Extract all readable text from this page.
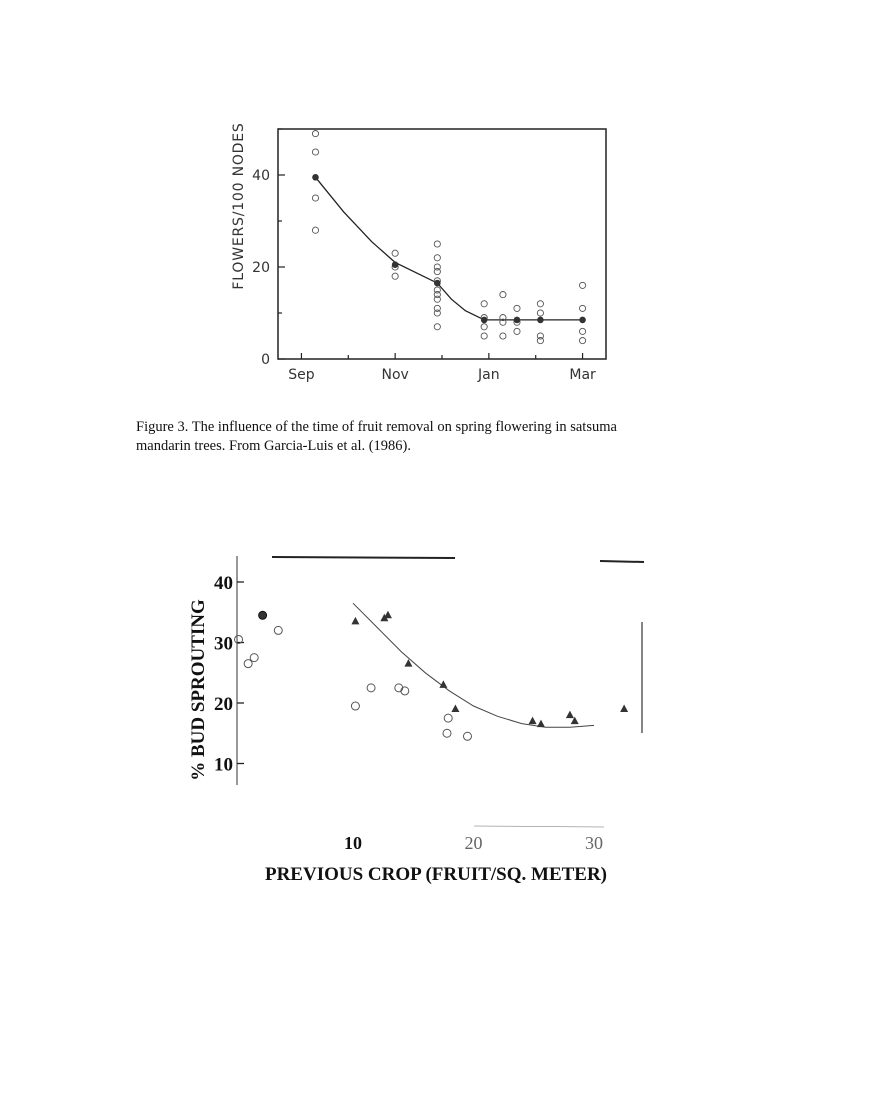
0
20
40
Sep	Nov	Jan	Mar
FLOWERS/100 NODES
Figure 3. The influence of the time of fruit removal on spring flowering in satsuma
mandarin trees. From Garcia-Luis et al. (1986).
10
20
30
40
10	20	30
% BUD SPROUTING
PREVIOUS CROP (FRUIT/SQ. METER)
